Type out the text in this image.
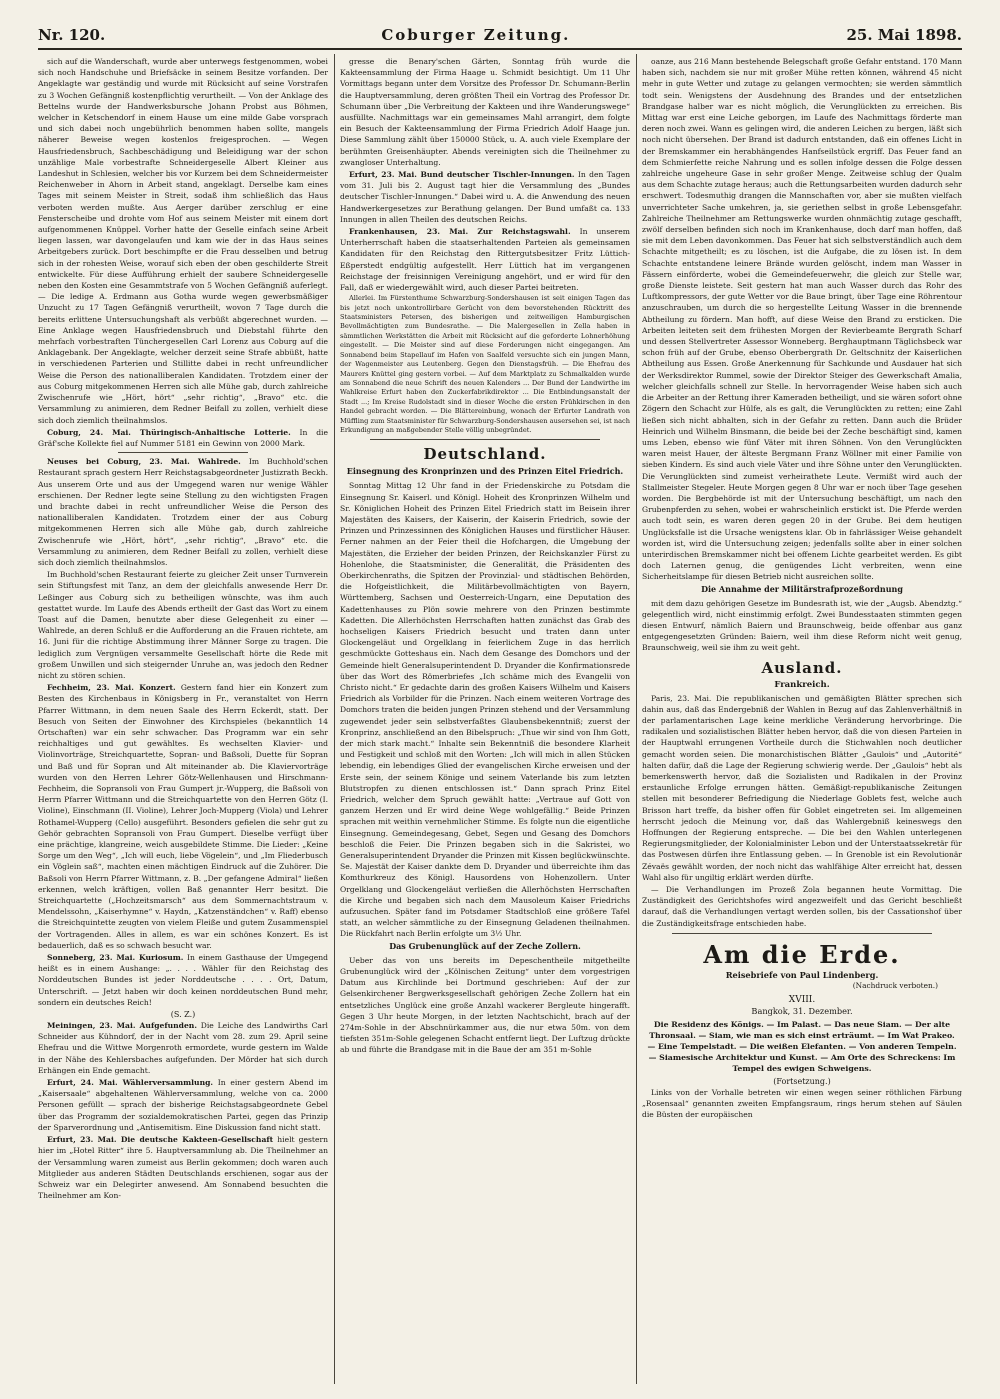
Nr. 120.	Coburger Zeitung.	25. Mai 1898.

sich auf die Wanderschaft, wurde aber unterwegs festgenommen, wobei sich noch Handschuhe und Briefsäcke in seinem Besitze vorfanden. Der Angeklagte war geständig und wurde mit Rücksicht auf seine Vorstrafen zu 3 Wochen Gefängniß kostenpflichtig verurtheilt. — Von der Anklage des Bettelns wurde der Handwerksbursche Johann Probst aus Böhmen, welcher in Ketschendorf in einem Hause um eine milde Gabe vorsprach und sich dabei noch ungebührlich benommen haben sollte, mangels näherer Beweise wegen kostenlos freigesprochen. — Wegen Hausfriedensbruch, Sachbeschädigung und Beleidigung war der schon unzählige Male vorbestrafte Schneidergeselle Albert Kleiner aus Landeshut in Schlesien, welcher bis vor Kurzem bei dem Schneidermeister Reichenweber in Ahorn in Arbeit stand, angeklagt. Derselbe kam eines Tages mit seinem Meister in Streit, sodaß ihm schließlich das Haus verboten werden mußte. Aus Aerger darüber zerschlug er eine Fensterscheibe und drohte vom Hof aus seinem Meister mit einem dort aufgenommenen Knüppel. Vorher hatte der Geselle einfach seine Arbeit liegen lassen, war davongelaufen und kam wie der in das Haus seines Arbeitgebers zurück. Dort beschimpfte er die Frau desselben und betrug sich in der rohesten Weise, worauf sich eben der oben geschilderte Streit entwickelte. Für diese Aufführung erhielt der saubere Schneidergeselle neben den Kosten eine Gesammtstrafe von 5 Wochen Gefängniß auferlegt. — Die ledige A. Erdmann aus Gotha wurde wegen gewerbsmäßiger Unzucht zu 17 Tagen Gefängniß verurtheilt, wovon 7 Tage durch die bereits erlittene Untersuchungshaft als verbüßt abgerechnet wurden. — Eine Anklage wegen Hausfriedensbruch und Diebstahl führte den mehrfach vorbestraften Tünchergesellen Carl Lorenz aus Coburg auf die Anklagebank. Der Angeklagte, welcher derzeit seine Strafe abbüßt, hatte in verschiedenen Parterien und Stillitte dabei in recht unfreundlicher Weise die Person des nationalliberalen Kandidaten. Trotzdem einer der aus Coburg mitgekommenen Herren sich alle Mühe gab, durch zahlreiche Zwischenrufe wie „Hört, hört“ „sehr richtig“, „Bravo“ etc. die Versammlung zu animieren, dem Redner Beifall zu zollen, verhielt diese sich doch ziemlich theilnahmslos.

Coburg, 24. Mai. Thüringisch-Anhaltische Lotterie. In die Gräf'sche Kollekte fiel auf Nummer 5181 ein Gewinn von 2000 Mark.

Neuses bei Coburg, 23. Mai. Wahlrede. Im Buchhold'schen Restaurant sprach gestern Herr Reichstagsabgeordneter Justizrath Beckh. Aus unserem Orte und aus der Umgegend waren nur wenige Wähler erschienen. Der Redner legte seine Stellung zu den wichtigsten Fragen und brachte dabei in recht unfreundlicher Weise die Person des nationalliberalen Kandidaten. Trotzdem einer der aus Coburg mitgekommenen Herren sich alle Mühe gab, durch zahlreiche Zwischenrufe wie „Hört, hört“, „sehr richtig“, „Bravo“ etc. die Versammlung zu animieren, dem Redner Beifall zu zollen, verhielt diese sich doch ziemlich theilnahmslos.

Im Buchhold'schen Restaurant feierte zu gleicher Zeit unser Turnverein sein Stiftungsfest mit Tanz, an dem der gleichfalls anwesende Herr Dr. Leßinger aus Coburg sich zu betheiligen wünschte, was ihm auch gestattet wurde. Im Laufe des Abends ertheilt der Gast das Wort zu einem Toast auf die Damen, benutzte aber diese Gelegenheit zu einer — Wahlrede, an deren Schluß er die Aufforderung an die Frauen richtete, am 16. Juni für die richtige Abstimmung ihrer Männer Sorge zu tragen. Die lediglich zum Vergnügen versammelte Gesellschaft hörte die Rede mit großem Unwillen und sich steigernder Unruhe an, was jedoch den Redner nicht zu stören schien.

Fechheim, 23. Mai. Konzert. Gestern fand hier ein Konzert zum Besten des Kirchenbaus in Königsberg in Fr., veranstaltet von Herrn Pfarrer Wittmann, in dem neuen Saale des Herrn Eckerdt, statt. Der Besuch von Seiten der Einwohner des Kirchspieles (bekanntlich 14 Ortschaften) war ein sehr schwacher. Das Programm war ein sehr reichhaltiges und gut gewähltes. Es wechselten Klavier- und Violinvorträge, Streichquartette, Sopran- und Baßsoli, Duette für Sopran und Baß und für Sopran und Alt miteinander ab. Die Klaviervorträge wurden von den Herren Lehrer Götz-Wellenhausen und Hirschmann-Fechheim, die Sopransoli von Frau Gumpert jr.-Wupperg, die Baßsoli von Herrn Pfarrer Wittmann und die Streichquartette von den Herren Götz (I. Violine), Einschmann (II. Violine), Lehrer Joch-Mupperg (Viola) und Lehrer Rothamel-Wupperg (Cello) ausgeführt. Besonders gefielen die sehr gut zu Gehör gebrachten Sopransoli von Frau Gumpert. Dieselbe verfügt über eine prächtige, klangreine, weich ausgebildete Stimme. Die Lieder: „Keine Sorge um den Weg“, „Ich will euch, liebe Vögelein“, und „Im Fliederbusch ein Vöglein saß“, machten einen mächtigen Eindruck auf die Zuhörer. Die Baßsoli von Herrn Pfarrer Wittmann, z. B. „Der gefangene Admiral“ ließen erkennen, welch kräftigen, vollen Baß genannter Herr besitzt. Die Streichquartette („Hochzeitsmarsch“ aus dem Sommernachtstraum v. Mendelssohn, „Kaiserhymne“ v. Haydn, „Katzenständchen“ v. Raff) ebenso die Streichquintette zeugten von vielem Fleiße und gutem Zusammenspiel der Vortragenden. Alles in allem, es war ein schönes Konzert. Es ist bedauerlich, daß es so schwach besucht war.

Sonneberg, 23. Mai. Kuriosum. In einem Gasthause der Umgegend heißt es in einem Aushange: „. . . . Wähler für den Reichstag des Norddeutschen Bundes ist jeder Norddeutsche . . . . Ort, Datum, Unterschrift. — Jetzt haben wir doch keinen norddeutschen Bund mehr, sondern ein deutsches Reich!

(S. Z.)

Meiningen, 23. Mai. Aufgefunden. Die Leiche des Landwirths Carl Schneider aus Kühndorf, der in der Nacht vom 28. zum 29. April seine Ehefrau und die Wittwe Morgenroth ermordete, wurde gestern im Walde in der Nähe des Kehlersbaches aufgefunden. Der Mörder hat sich durch Erhängen ein Ende gemacht.

Erfurt, 24. Mai. Wählerversammlung. In einer gestern Abend im „Kaisersaale“ abgehaltenen Wählerversammlung, welche von ca. 2000 Personen gefüllt — sprach der bisherige Reichstagsabgeordnete Gebel über das Programm der sozialdemokratischen Partei, gegen das Prinzip der Sparverordnung und „Antisemitism. Eine Diskussion fand nicht statt.

Erfurt, 23. Mai. Die deutsche Kakteen-Gesellschaft hielt gestern hier im „Hotel Ritter“ ihre 5. Hauptversammlung ab. Die Theilnehmer an der Versammlung waren zumeist aus Berlin gekommen; doch waren auch Mitglieder aus anderen Städten Deutschlands erschienen, sogar aus der Schweiz war ein Delegirter anwesend. Am Sonnabend besuchten die Theilnehmer am Kon-

gresse die Benary'schen Gärten, Sonntag früh wurde die Kakteensammlung der Firma Haage u. Schmidt besichtigt. Um 11 Uhr Vormittags begann unter dem Vorsitze des Professor Dr. Schumann-Berlin die Hauptversammlung, deren größten Theil ein Vortrag des Professor Dr. Schumann über „Die Verbreitung der Kakteen und ihre Wanderungswege“ ausfüllte. Nachmittags war ein gemeinsames Mahl arrangirt, dem folgte ein Besuch der Kakteensammlung der Firma Friedrich Adolf Haage jun. Diese Sammlung zählt über 150000 Stück, u. A. auch viele Exemplare der berühmten Greisenhäupter. Abends vereinigten sich die Theilnehmer zu zwangloser Unterhaltung.

Erfurt, 23. Mai. Bund deutscher Tischler-Innungen. In den Tagen vom 31. Juli bis 2. August tagt hier die Versammlung des „Bundes deutscher Tischler-Innungen.“ Dabei wird u. A. die Anwendung des neuen Handwerkergesetzes zur Berathung gelangen. Der Bund umfaßt ca. 133 Innungen in allen Theilen des deutschen Reichs.

Frankenhausen, 23. Mai. Zur Reichstagswahl. In unserem Unterherrschaft haben die staatserhaltenden Parteien als gemeinsamen Kandidaten für den Reichstag den Rittergutsbesitzer Fritz Lüttich-Eßperstedt endgültig aufgestellt. Herr Lüttich hat im vergangenen Reichstage der freisinnigen Vereinigung angehört, und er wird für den Fall, daß er wiedergewählt wird, auch dieser Partei beitreten.

Allerlei. Im Fürstenthume Schwarzburg-Sondershausen ist seit einigen Tagen das bis jetzt noch unkontrollirbare Gerücht von dem bevorstehenden Rücktritt des Staatsministers Petersen, des bisherigen und zeitweiligen Hamburgischen Bevollmächtigten zum Bundesrathe. — Die Malergesellen in Zella haben in sämmtlichen Werkstätten die Arbeit mit Rücksicht auf die geforderte Lohnerhöhung eingestellt. — Die Meister sind auf diese Forderungen nicht eingegangen. Am Sonnabend beim Stapellauf im Hafen von Saalfeld versuchte sich ein jungen Mann, der Wagenmeister aus Leutenberg. Gegen den Dienstagsfrüh. — Die Ehefrau des Maurers Knüttel ging gestern vorbei. — Auf dem Marktplatz zu Schmalkalden wurde am Sonnabend die neue Schrift des neuen Kalenders ... Der Bund der Landwirthe im Wahlkreise Erfurt haben den Zuckerfabrikdirektor ... Die Entbindungsanstalt der Stadt ...; Im Kreise Rudolstadt sind in dieser Woche die ersten Frühkirschen in den Handel gebracht worden. — Die Blättereinbung, wonach der Erfurter Landrath von Müffling zum Staatsminister für Schwarzburg-Sondershausen ausersehen sei, ist nach Erkundigung an maßgebender Stelle völlig unbegründet.

Deutschland.
Einsegnung des Kronprinzen und des Prinzen Eitel Friedrich.

Sonntag Mittag 12 Uhr fand in der Friedenskirche zu Potsdam die Einsegnung Sr. Kaiserl. und Königl. Hoheit des Kronprinzen Wilhelm und Sr. Königlichen Hoheit des Prinzen Eitel Friedrich statt im Beisein ihrer Majestäten des Kaisers, der Kaiserin, der Kaiserin Friedrich, sowie der Prinzen und Prinzessinnen des Königlichen Hauses und fürstlicher Häuser. Ferner nahmen an der Feier theil die Hofchargen, die Umgebung der Majestäten, die Erzieher der beiden Prinzen, der Reichskanzler Fürst zu Hohenlohe, die Staatsminister, die Generalität, die Präsidenten des Oberkirchenraths, die Spitzen der Provinzial- und städtischen Behörden, die Hofgeistlichkeit, die Militärbevollmächtigten von Bayern, Württemberg, Sachsen und Oesterreich-Ungarn, eine Deputation des Kadettenhauses zu Plön sowie mehrere von den Prinzen bestimmte Kadetten. Die Allerhöchsten Herrschaften hatten zunächst das Grab des hochseligen Kaisers Friedrich besucht und traten dann unter Glockengeläut und Orgelklang in feierlichem Zuge in das herrlich geschmückte Gotteshaus ein. Nach dem Gesange des Domchors und der Gemeinde hielt Generalsuperintendent D. Dryander die Konfirmationsrede über das Wort des Römerbriefes „Ich schäme mich des Evangelii von Christo nicht.“ Er gedachte darin des großen Kaisers Wilhelm und Kaisers Friedrich als Vorbilder für die Prinzen. Nach einem weiteren Vortrage des Domchors traten die beiden jungen Prinzen stehend und der Versammlung zugewendet jeder sein selbstverfaßtes Glaubensbekenntniß; zuerst der Kronprinz, anschließend an den Bibelspruch: „Thue wir sind von Ihm Gott, der mich stark macht.“ Inhalte sein Bekenntniß die besondere Klarheit und Festigkeit und schloß mit den Worten: „Ich will mich in allen Stücken lebendig, ein lebendiges Glied der evangelischen Kirche erweisen und der Erste sein, der seinem Könige und seinem Vaterlande bis zum letzten Blutstropfen zu dienen entschlossen ist.“ Dann sprach Prinz Eitel Friedrich, welcher dem Spruch gewählt hatte: „Vertraue auf Gott von ganzem Herzen und Er wird deine Wege wohlgefällig.“ Beide Prinzen sprachen mit weithin vernehmlicher Stimme. Es folgte nun die eigentliche Einsegnung. Gemeindegesang, Gebet, Segen und Gesang des Domchors beschloß die Feier. Die Prinzen begaben sich in die Sakristei, wo Generalsuperintendent Dryander die Prinzen mit Kissen beglückwünschte. Se. Majestät der Kaiser dankte dem D. Dryander und überreichte ihm das Komthurkreuz des Königl. Hausordens von Hohenzollern. Unter Orgelklang und Glockengeläut verließen die Allerhöchsten Herrschaften die Kirche und begaben sich nach dem Mausoleum Kaiser Friedrichs aufzusuchen. Später fand im Potsdamer Stadtschloß eine größere Tafel statt, an welcher sämmtliche zu der Einsegnung Geladenen theilnahmen. Die Rückfahrt nach Berlin erfolgte um 3½ Uhr.

Das Grubenunglück auf der Zeche Zollern.

Ueber das von uns bereits im Depeschentheile mitgetheilte Grubenunglück wird der „Kölnischen Zeitung“ unter dem vorgestrigen Datum aus Kirchlinde bei Dortmund geschrieben: Auf der zur Gelsenkirchener Bergwerksgesellschaft gehörigen Zeche Zollern hat ein entsetzliches Unglück eine große Anzahl wackerer Bergleute hingerafft. Gegen 3 Uhr heute Morgen, in der letzten Nachtschicht, brach auf der 274m-Sohle in der Abschnürkammer aus, die nur etwa 50m. von dem tiefsten 351m-Sohle gelegenen Schacht entfernt liegt. Der Luftzug drückte ab und führte die Brandgase mit in die Baue der am 351 m-Sohle

oanze, aus 216 Mann bestehende Belegschaft große Gefahr entstand. 170 Mann haben sich, nachdem sie nur mit großer Mühe retten können, während 45 nicht mehr in gute Wetter und zutage zu gelangen vermochten; sie werden sämmtlich todt sein. Wenigstens der Ausdehnung des Brandes und der entsetzlichen Brandgase halber war es nicht möglich, die Verunglückten zu erreichen. Bis Mittag war erst eine Leiche geborgen, im Laufe des Nachmittags förderte man deren noch zwei. Wann es gelingen wird, die anderen Leichen zu bergen, läßt sich noch nicht übersehen. Der Brand ist dadurch entstanden, daß ein offenes Licht in der Bremskammer ein herabhängendes Hanfseilstück ergriff. Das Feuer fand an dem Schmierfette reiche Nahrung und es sollen infolge dessen die Folge dessen zahlreiche ungeheure Gase in sehr großer Menge. Zeitweise schlug der Qualm aus dem Schachte zutage heraus; auch die Rettungsarbeiten wurden dadurch sehr erschwert. Todesmuthig drangen die Mannschaften vor, aber sie mußten vielfach unverrichteter Sache umkehren, ja, sie geriethen selbst in große Lebensgefahr. Zahlreiche Theilnehmer am Rettungswerke wurden ohnmächtig zutage geschafft, zwölf derselben befinden sich noch im Krankenhause, doch darf man hoffen, daß sie mit dem Leben davonkommen. Das Feuer hat sich selbstverständlich auch dem Schachte mitgetheilt; es zu löschen, ist die Aufgabe, die zu lösen ist. In dem Schachte entstandene leinere Brände wurden gelöscht, indem man Wasser in Fässern einförderte, wobei die Gemeindefeuerwehr, die gleich zur Stelle war, große Dienste leistete. Seit gestern hat man auch Wasser durch das Rohr des Luftkompressors, der gute Wetter vor die Baue bringt, über Tage eine Röhrentour anzuschrauben, um durch die so hergestellte Leitung Wasser in die brennende Abtheilung zu fördern. Man hofft, auf diese Weise den Brand zu ersticken. Die Arbeiten leiteten seit dem frühesten Morgen der Revierbeamte Bergrath Scharf und dessen Stellvertreter Assessor Wonneberg. Berghauptmann Täglichsbeck war schon früh auf der Grube, ebenso Oberbergrath Dr. Geltschnitz der Kaiserlichen Abtheilung aus Essen. Große Anerkennung für Sachkunde und Ausdauer hat sich der Werksdirektor Rummel, sowie der Direktor Steiger des Gewerkschaft Amalia, welcher gleichfalls schnell zur Stelle. In hervorragender Weise haben sich auch die Arbeiter an der Rettung ihrer Kameraden betheiligt, und sie wären sofort ohne Zögern den Schacht zur Hülfe, als es galt, die Verunglückten zu retten; eine Zahl ließen sich nicht abhalten, sich in der Gefahr zu retten. Dann auch die Brüder Heinrich und Wilhelm Binsmann, die beide bei der Zeche beschäftigt sind, kamen ums Leben, ebenso wie fünf Väter mit ihren Söhnen. Von den Verunglückten waren meist Hauer, der älteste Bergmann Franz Wöllner mit einer Familie von sieben Kindern. Es sind auch viele Väter und ihre Söhne unter den Verunglückten. Die Verunglückten sind zumeist verheirathete Leute. Vermißt wird auch der Stallmeister Stegeler. Heute Morgen gegen 8 Uhr war er noch über Tage gesehen worden. Die Bergbehörde ist mit der Untersuchung beschäftigt, um nach den Grubenpferden zu sehen, wobei er wahrscheinlich erstickt ist. Die Pferde werden auch todt sein, es waren deren gegen 20 in der Grube. Bei dem heutigen Unglücksfalle ist die Ursache wenigstens klar. Ob in fahrlässiger Weise gehandelt worden ist, wird die Untersuchung zeigen; jedenfalls sollte aber in einer solchen unterirdischen Bremskammer nicht bei offenem Lichte gearbeitet werden. Es gibt doch Laternen genug, die genügendes Licht verbreiten, wenn eine Sicherheitslampe für diesen Betrieb nicht ausreichen sollte.

Die Annahme der Militärstrafprozeßordnung

mit dem dazu gehörigen Gesetze im Bundesrath ist, wie der „Augsb. Abendztg.“ gelegentlich wird, nicht einstimmig erfolgt. Zwei Bundesstaaten stimmten gegen diesen Entwurf, nämlich Baiern und Braunschweig, beide offenbar aus ganz entgegengesetzten Gründen: Baiern, weil ihm diese Reform nicht weit genug, Braunschweig, weil sie ihm zu weit geht.

Ausland.
Frankreich.

Paris, 23. Mai. Die republikanischen und gemäßigten Blätter sprechen sich dahin aus, daß das Endergebniß der Wahlen in Bezug auf das Zahlenverhältniß in der parlamentarischen Lage keine merkliche Veränderung hervorbringe. Die radikalen und sozialistischen Blätter heben hervor, daß die von diesen Parteien in der Hauptwahl errungenen Vortheile durch die Stichwahlen noch deutlicher gemacht worden seien. Die monarchistischen Blätter „Gaulois“ und „Autorité“ halten dafür, daß die Lage der Regierung schwierig werde. Der „Gaulois“ hebt als bemerkenswerth hervor, daß die Sozialisten und Radikalen in der Provinz erstaunliche Erfolge errungen hätten. Gemäßigt-republikanische Zeitungen stellen mit besonderer Befriedigung die Niederlage Goblets fest, welche auch Brisson hart treffe, da bisher offen für Goblet eingetreten sei. Im allgemeinen herrscht jedoch die Meinung vor, daß das Wahlergebniß keineswegs den Hoffnungen der Regierung entspreche. — Die bei den Wahlen unterlegenen Regierungsmitglieder, der Kolonialminister Lebon und der Unterstaatssekretär für das Postwesen dürfen ihre Entlassung geben. — In Grenoble ist ein Revolutionär Zévaës gewählt worden, der noch nicht das wahlfähige Alter erreicht hat, dessen Wahl also für ungiltig erklärt werden dürfte.

— Die Verhandlungen im Prozeß Zola begannen heute Vormittag. Die Zuständigkeit des Gerichtshofes wird angezweifelt und das Gericht beschließt darauf, daß die Verhandlungen vertagt werden sollen, bis der Cassationshof über die Zuständigkeitsfrage entschieden habe.

Am die Erde.
Reisebriefe von Paul Lindenberg.
(Nachdruck verboten.)
XVIII.
Bangkok, 31. Dezember.
Die Residenz des Königs. — Im Palast. — Das neue Siam. — Der alte Thronsaal. — Siam, wie man es sich einst erträumt. — Im Wat Prakeo. — Eine Tempelstadt. — Die weißen Elefanten. — Von anderen Tempeln. — Siamesische Architektur und Kunst. — Am Orte des Schreckens: Im Tempel des ewigen Schweigens.
(Fortsetzung.)

Links von der Vorhalle betreten wir einen wegen seiner röthlichen Färbung „Rosensaal“ genannten zweiten Empfangsraum, rings herum stehen auf Säulen die Büsten der europäischen
